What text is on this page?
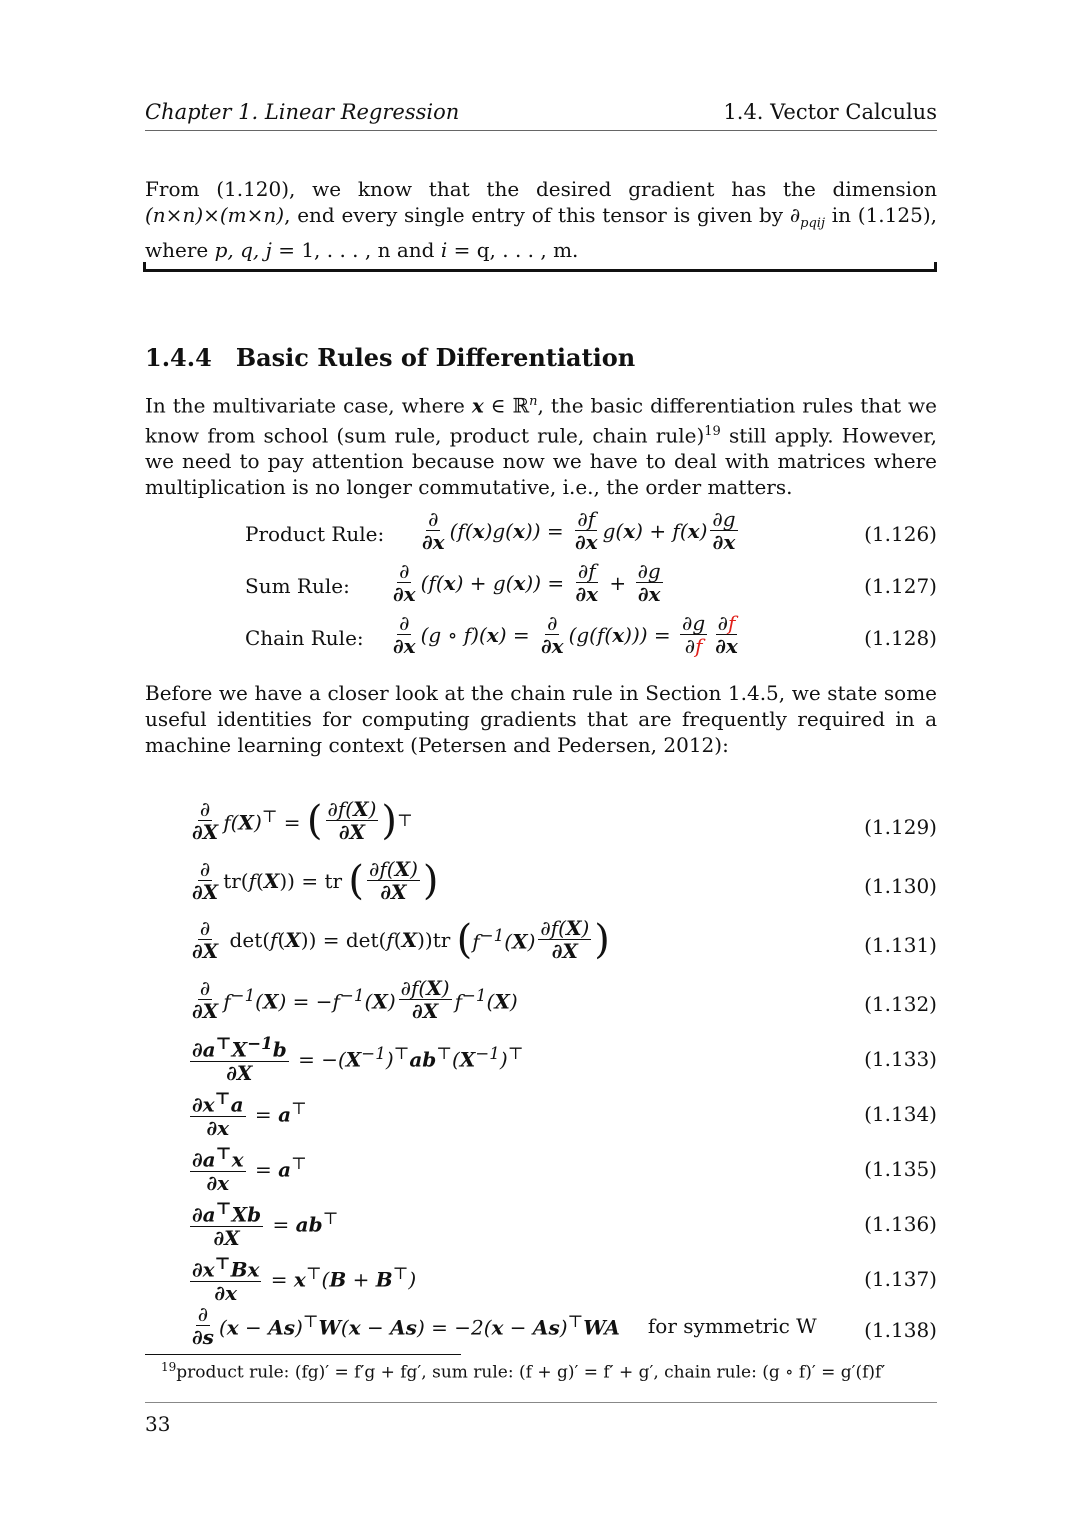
Chapter 1. Linear Regression	1.4. Vector Calculus

From (1.120), we know that the desired gradient has the dimension (n×n)×(m×n), end every single entry of this tensor is given by $\partial_{pqij}$ in (1.125), where p, q, j = 1, . . . , n and i = q, . . . , m.

1.4.4 Basic Rules of Differentiation

In the multivariate case, where x ∈ ℝ$^n$, the basic differentiation rules that we know from school (sum rule, product rule, chain rule)$^{19}$ still apply. However, we need to pay attention because now we have to deal with matrices where multiplication is no longer commutative, i.e., the order matters.

Product Rule: $\frac{\partial}{\partial x} (f(x)g(x)) = \frac{\partial f}{\partial x} g(x) + f(x) \frac{\partial g}{\partial x}$	(1.126)
Sum Rule: $\frac{\partial}{\partial x} (f(x) + g(x)) = \frac{\partial f}{\partial x} + \frac{\partial g}{\partial x}$	(1.127)
Chain Rule: $\frac{\partial}{\partial x} (g$ ∘ $f)(x) = \frac{\partial}{\partial x} (g(f(x))) = \frac{\partial g}{\partial f} \frac{\partial f}{\partial x}$	(1.128)

Before we have a closer look at the chain rule in Section 1.4.5, we state some useful identities for computing gradients that are frequently required in a machine learning context (Petersen and Pedersen, 2012):

$\frac{\partial}{\partial X} f(X)^⊤$ = ( $\frac{\partial f(X)}{\partial X}$ ) ⊤	(1.129)
$\frac{\partial}{\partial X} tr(f(X))$ = tr ( $\frac{\partial f(X)}{\partial X}$ )	(1.130)
$\frac{\partial}{\partial X} \det(f(X)) = \det(f(X))tr$ ( $f^{-1}(X) \frac{\partial f(X)}{\partial X}$ )	(1.131)
$\frac{\partial}{\partial X} f^{-1}(X) = -f^{-1}(X) \frac{\partial f(X)}{\partial X} f^{-1}(X)$	(1.132)
$\frac{\partial a^⊤X^{-1}b}{\partial X} = -(X^{-1})^⊤ab^⊤(X^{-1})^⊤$	(1.133)
$\frac{\partial x^⊤a}{\partial x} = a^⊤$	(1.134)
$\frac{\partial a^⊤x}{\partial x} = a^⊤$	(1.135)
$\frac{\partial a^⊤Xb}{\partial X} = ab^⊤$	(1.136)
$\frac{\partial x^⊤Bx}{\partial x} = x^⊤(B + B^⊤)$	(1.137)
$\frac{\partial}{\partial s} (x - As)^⊤W(x - As) = -2(x - As)^⊤WA$ for symmetric W (1.138)
$^{19}$product rule: (fg)′ = f′g + fg′, sum rule: (f + g)′ = f′ + g′, chain rule: (g ∘ f)′ = g′(f)f′
33
